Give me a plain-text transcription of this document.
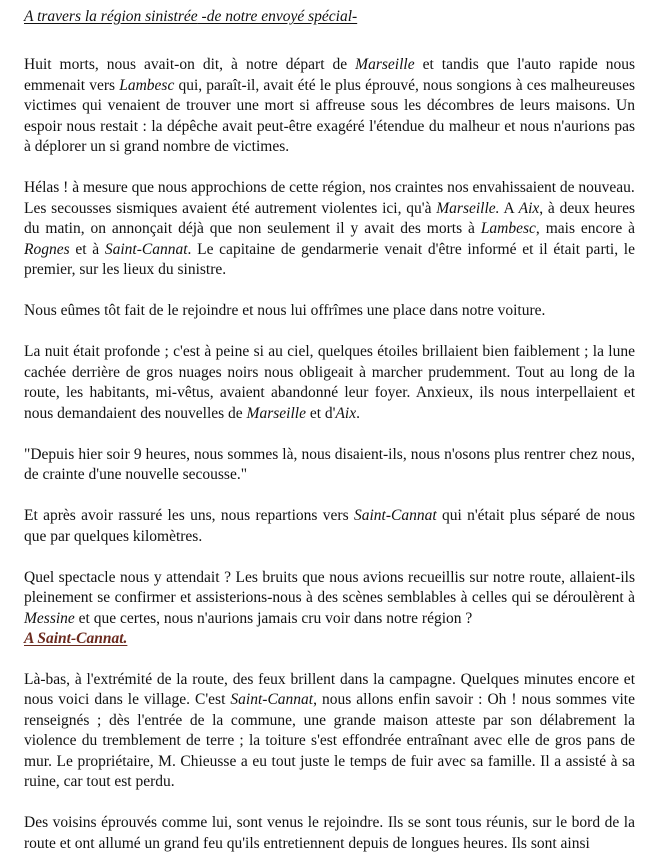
A travers la région sinistrée -de notre envoyé spécial-

Huit morts, nous avait-on dit, à notre départ de Marseille et tandis que l'auto rapide nous emmenait vers Lambesc qui, paraît-il, avait été le plus éprouvé, nous songions à ces malheureuses victimes qui venaient de trouver une mort si affreuse sous les décombres de leurs maisons. Un espoir nous restait : la dépêche avait peut-être exagéré l'étendue du malheur et nous n'aurions pas à déplorer un si grand nombre de victimes.

Hélas ! à mesure que nous approchions de cette région, nos craintes nos envahissaient de nouveau.

Les secousses sismiques avaient été autrement violentes ici, qu'à Marseille. A Aix, à deux heures du matin, on annonçait déjà que non seulement il y avait des morts à Lambesc, mais encore à Rognes et à Saint-Cannat. Le capitaine de gendarmerie venait d'être informé et il était parti, le premier, sur les lieux du sinistre.

Nous eûmes tôt fait de le rejoindre et nous lui offrîmes une place dans notre voiture.

La nuit était profonde ; c'est à peine si au ciel, quelques étoiles brillaient bien faiblement ; la lune cachée derrière de gros nuages noirs nous obligeait à marcher prudemment. Tout au long de la route, les habitants, mi-vêtus, avaient abandonné leur foyer. Anxieux, ils nous interpellaient et nous demandaient des nouvelles de Marseille et d'Aix.

"Depuis hier soir 9 heures, nous sommes là, nous disaient-ils, nous n'osons plus rentrer chez nous, de crainte d'une nouvelle secousse."

Et après avoir rassuré les uns, nous repartions vers Saint-Cannat qui n'était plus séparé de nous que par quelques kilomètres.

Quel spectacle nous y attendait ? Les bruits que nous avions recueillis sur notre route, allaient-ils pleinement se confirmer et assisterions-nous à des scènes semblables à celles qui se déroulèrent à Messine et que certes, nous n'aurions jamais cru voir dans notre région ?

A Saint-Cannat.

Là-bas, à l'extrémité de la route, des feux brillent dans la campagne. Quelques minutes encore et nous voici dans le village. C'est Saint-Cannat, nous allons enfin savoir : Oh ! nous sommes vite renseignés ; dès l'entrée de la commune, une grande maison atteste par son délabrement la violence du tremblement de terre ; la toiture s'est effondrée entraînant avec elle de gros pans de mur. Le propriétaire, M. Chieusse a eu tout juste le temps de fuir avec sa famille. Il a assisté à sa ruine, car tout est perdu.

Des voisins éprouvés comme lui, sont venus le rejoindre. Ils se sont tous réunis, sur le bord de la route et ont allumé un grand feu qu'ils entretiennent depuis de longues heures. Ils sont ainsi
